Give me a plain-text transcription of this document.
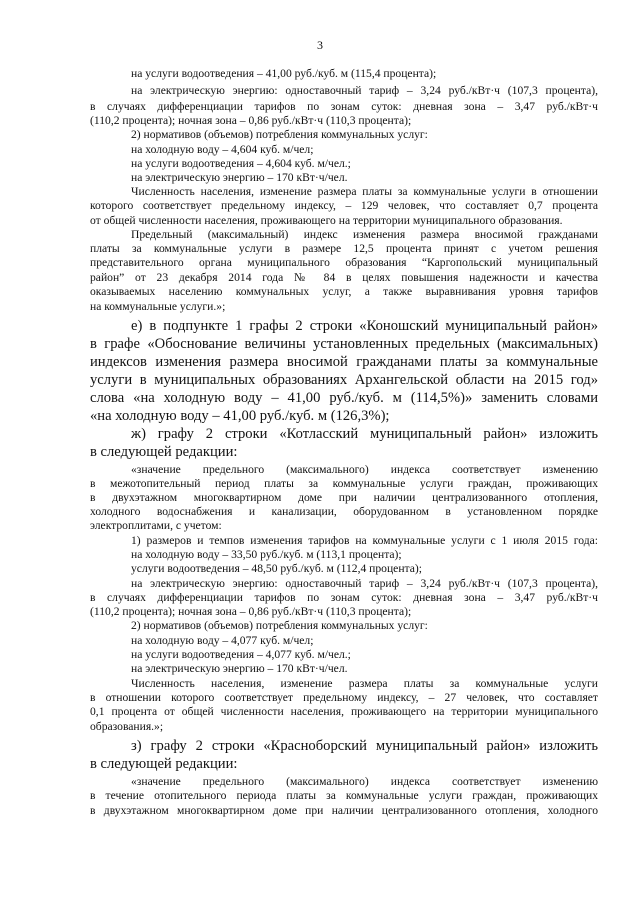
3
на услуги водоотведения – 41,00 руб./куб. м (115,4 процента);
на электрическую энергию: одноставочный тариф – 3,24 руб./кВт·ч (107,3 процента),
в случаях дифференциации тарифов по зонам суток: дневная зона – 3,47 руб./кВт·ч
(110,2 процента); ночная зона – 0,86 руб./кВт·ч (110,3 процента);
2) нормативов (объемов) потребления коммунальных услуг:
на холодную воду – 4,604 куб. м/чел;
на услуги водоотведения – 4,604 куб. м/чел.;
на электрическую энергию – 170 кВт·ч/чел.
Численность населения, изменение размера платы за коммунальные услуги в отношении
которого соответствует предельному индексу, – 129 человек, что составляет 0,7 процента
от общей численности населения, проживающего на территории муниципального образования.
Предельный (максимальный) индекс изменения размера вносимой гражданами
платы за коммунальные услуги в размере 12,5 процента принят с учетом решения
представительного органа муниципального образования “Каргопольский муниципальный
район” от 23 декабря 2014 года № 84 в целях повышения надежности и качества
оказываемых населению коммунальных услуг, а также выравнивания уровня тарифов
на коммунальные услуги.»;
е) в подпункте 1 графы 2 строки «Коношский муниципальный район»
в графе «Обоснование величины установленных предельных (максимальных)
индексов изменения размера вносимой гражданами платы за коммунальные
услуги в муниципальных образованиях Архангельской области на 2015 год»
слова «на холодную воду – 41,00 руб./куб. м (114,5%)» заменить словами
«на холодную воду – 41,00 руб./куб. м (126,3%);
ж) графу 2 строки «Котласский муниципальный район» изложить
в следующей редакции:
«значение предельного (максимального) индекса соответствует изменению
в межотопительный период платы за коммунальные услуги граждан, проживающих
в двухэтажном многоквартирном доме при наличии централизованного отопления,
холодного водоснабжения и канализации, оборудованном в установленном порядке
электроплитами, с учетом:
1) размеров и темпов изменения тарифов на коммунальные услуги с 1 июля 2015 года:
на холодную воду – 33,50 руб./куб. м (113,1 процента);
услуги водоотведения – 48,50 руб./куб. м (112,4 процента);
на электрическую энергию: одноставочный тариф – 3,24 руб./кВт·ч (107,3 процента),
в случаях дифференциации тарифов по зонам суток: дневная зона – 3,47 руб./кВт·ч
(110,2 процента); ночная зона – 0,86 руб./кВт·ч (110,3 процента);
2) нормативов (объемов) потребления коммунальных услуг:
на холодную воду – 4,077 куб. м/чел;
на услуги водоотведения – 4,077 куб. м/чел.;
на электрическую энергию – 170 кВт·ч/чел.
Численность населения, изменение размера платы за коммунальные услуги
в отношении которого соответствует предельному индексу, – 27 человек, что составляет
0,1 процента от общей численности населения, проживающего на территории муниципального
образования.»;
з) графу 2 строки «Красноборский муниципальный район» изложить
в следующей редакции:
«значение предельного (максимального) индекса соответствует изменению
в течение отопительного периода платы за коммунальные услуги граждан, проживающих
в двухэтажном многоквартирном доме при наличии централизованного отопления, холодного
